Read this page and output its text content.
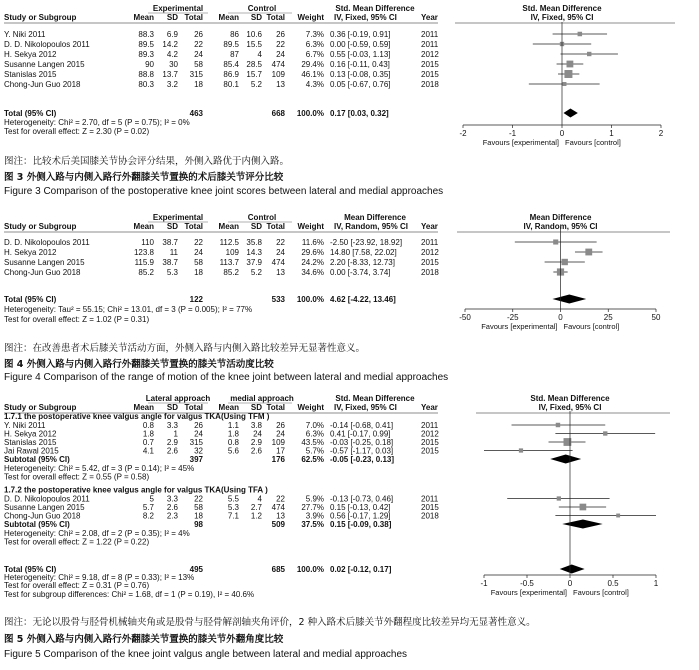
Experimental	Control	Std. Mean Difference	Std. Mean Difference
Study or Subgroup	Mean SD Total Mean SD Total Weight IV, Fixed, 95% CI	Year	IV, Fixed, 95% CI
Y. Niki 2011	88.3 6.9 26	86 10.6 26	7.3% 0.36 [-0.19, 0.91]	2011
D. D. Nikolopoulos 2011	89.5 14.2 22	89.5 15.5 22	6.3% 0.00 [-0.59, 0.59]	2011
H. Sekya 2012	89.3 4.2 24	87 4 24	6.7% 0.55 [-0.03, 1.13]	2012
Susanne Langen 2015	90 30 58	85.4 28.5 474 29.4% 0.16 [-0.11, 0.43]	2015
Stanislas 2015	88.8 13.7 315	86.9 15.7 109 46.1% 0.13 [-0.08, 0.35]	2015
Chong-Jun Guo 2018	80.3 3.2 18	80.1 5.2 13	4.3% 0.05 [-0.67, 0.76]	2018
Total (95% CI)	463	668 100.0% 0.17 [0.03, 0.32]
Heterogeneity: Chi² = 2.70, df = 5 (P = 0.75); I² = 0%
Test for overall effect: Z = 2.30 (P = 0.02)	-2	-1	0	1	2
Favours [experimental] Favours [control]
Experimental	Control	Mean Difference	Mean Difference
Study or Subgroup	Mean SD Total Mean SD Total Weight IV, Random, 95% CI Year	IV, Random, 95% CI
D. D. Nikolopoulos 2011	110 38.7 22 112.5 35.8 22 11.6% -2.50 [-23.92, 18.92] 2011
H. Sekya 2012	123.8 11 24	109 14.3 24 29.6% 14.80 [7.58, 22.02]	2012
Susanne Langen 2015	115.9 38.7 58 113.7 37.9 474 24.2% 2.20 [-8.33, 12.73]	2015
Chong-Jun Guo 2018	85.2 5.3 18	85.2 5.2 13 34.6% 0.00 [-3.74, 3.74]	2018
Total (95% CI)	122	533 100.0% 4.62 [-4.22, 13.46]
Heterogeneity: Tau² = 55.15; Chi² = 13.01, df = 3 (P = 0.005); I² = 77%
Test for overall effect: Z = 1.02 (P = 0.31)	-50	-25	0	25	50
Favours [experimental] Favours [control]
Lateral approach medial approach	Std. Mean Difference	Std. Mean Difference
Study or Subgroup	Mean SD Total Mean SD Total Weight IV, Fixed, 95% CI	Year	IV, Fixed, 95% CI
1.7.1 the postoperative knee valgus angle for valgus TKA(Using TFM )
Y. Niki 2011	0.8 3.3 26	1.1 3.8 26	7.0% -0.14 [-0.68, 0.41]	2011
H. Sekya 2012	1.8 1 24	1.8 24 24	6.3% 0.41 [-0.17, 0.99]	2012
Stanislas 2015	0.7 2.9 315	0.8 2.9 109 43.5% -0.03 [-0.25, 0.18]	2015
Jai Rawal 2015	4.1 2.6 32	5.6 2.6 17	5.7% -0.57 [-1.17, 0.03]	2015
Subtotal (95% CI)	397	176 62.5% -0.05 [-0.23, 0.13]
Heterogeneity: Chi² = 5.42, df = 3 (P = 0.14); I² = 45%
Test for overall effect: Z = 0.55 (P = 0.58)
1.7.2 the postoperative knee valgus angle for valgus TKA(Using TFA )
D. D. Nikolopoulos 2011	5 3.3 22	5.5 4 22	5.9% -0.13 [-0.73, 0.46]	2011
Susanne Langen 2015	5.7 2.6 58	5.3 2.7 474 27.7% 0.15 [-0.13, 0.42]	2015
Chong-Jun Guo 2018	8.2 2.3 18	7.1 1.2 13	3.9% 0.56 [-0.17, 1.29]	2018
Subtotal (95% CI)	98	509 37.5% 0.15 [-0.09, 0.38]
Heterogeneity: Chi² = 2.08, df = 2 (P = 0.35); I² = 4%
Test for overall effect: Z = 1.22 (P = 0.22)
Total (95% CI)	495	685 100.0% 0.02 [-0.12, 0.17]
Heterogeneity: Chi² = 9.18, df = 8 (P = 0.33); I² = 13%
Test for overall effect: Z = 0.31 (P = 0.76)
Test for subgroup differences: Chi² = 1.68, df = 1 (P = 0.19), I² = 40.6%
-1	-0.5	0	0.5	1
Favours [experimental] Favours [control]
图注：比较术后美国膝关节协会评分结果，外侧入路优于内侧入路。
图 3 外侧入路与内侧入路行外翻膝关节置换的术后膝关节评分比较
Figure 3 Comparison of the postoperative knee joint scores between lateral and medial approaches
图注：在改善患者术后膝关节活动方面，外侧入路与内侧入路比较差异无显著性意义。
图 4 外侧入路与内侧入路行外翻膝关节置换的膝关节活动度比较
Figure 4 Comparison of the range of motion of the knee joint between lateral and medial approaches
图注：无论以股骨与胫骨机械轴夹角或是股骨与胫骨解剖轴夹角评价，2 种入路术后膝关节外翻程度比较差异均无显著性意义。
图 5 外侧入路与内侧入路行外翻膝关节置换的膝关节外翻角度比较
Figure 5 Comparison of the knee joint valgus angle between lateral and medial approaches
